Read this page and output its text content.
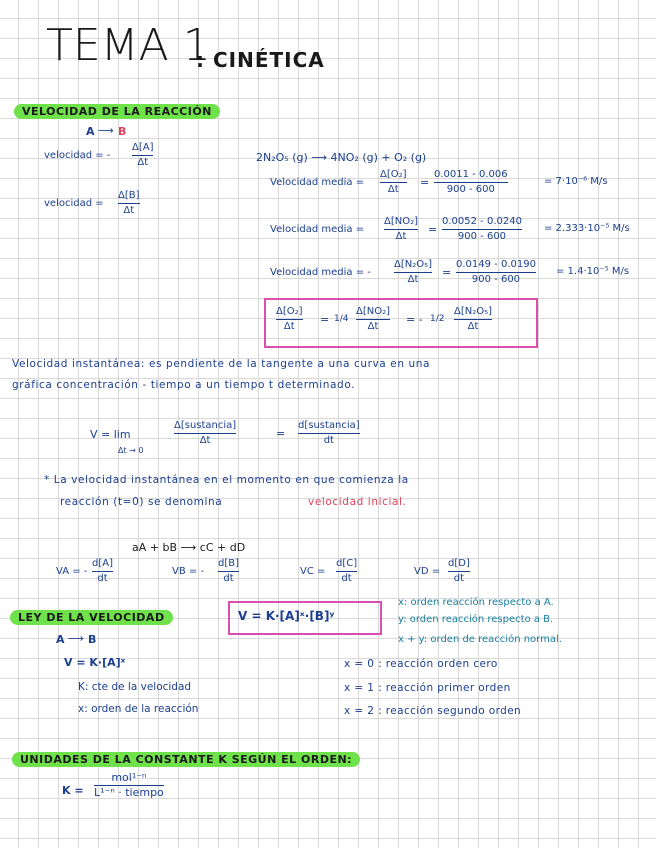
TEMA 1
: CINÉTICA
VELOCIDAD DE LA REACCIÓN
A ⟶ B
velocidad = -
Δ[A]
Δt
velocidad =
Δ[B]
Δt
2N₂O₅ (g) ⟶ 4NO₂ (g) + O₂ (g)
Velocidad media =
Δ[O₂]
Δt
=
0.0011 - 0.006
900 - 600
= 7·10⁻⁶ M/s
Velocidad media =
Δ[NO₂]
Δt
=
0.0052 - 0.0240
900 - 600
= 2.333·10⁻⁵ M/s
Velocidad media = -
Δ[N₂O₅]
Δt
=
0.0149 - 0.0190
900 - 600
= 1.4·10⁻⁵ M/s
Δ[O₂]
Δt
= 1/4
Δ[NO₂]
Δt
= - 1/2
Δ[N₂O₅]
Δt
Velocidad instantánea: es pendiente de la tangente a una curva en una
gráfica concentración - tiempo a un tiempo t determinado.
V = lim
Δt → 0
Δ[sustancia]
Δt
=
d[sustancia]
dt
* La velocidad instantánea en el momento en que comienza la
reacción (t=0) se denomina	velocidad inicial.
aA + bB ⟶ cC + dD
VA = -
d[A]
dt
VB = -
d[B]
dt
VC =
d[C]
dt
VD =
d[D]
dt
LEY DE LA VELOCIDAD	V = K·[A]ˣ·[B]ʸ
x: orden reacción respecto a A.
y: orden reacción respecto a B.
x + y: orden de reacción normal.
A ⟶ B
V = K·[A]ˣ
K: cte de la velocidad
x: orden de la reacción
x = 0 : reacción orden cero
x = 1 : reacción primer orden
x = 2 : reacción segundo orden
UNIDADES DE LA CONSTANTE K SEGÚN EL ORDEN:
K =
mol¹⁻ⁿ
L¹⁻ⁿ · tiempo
